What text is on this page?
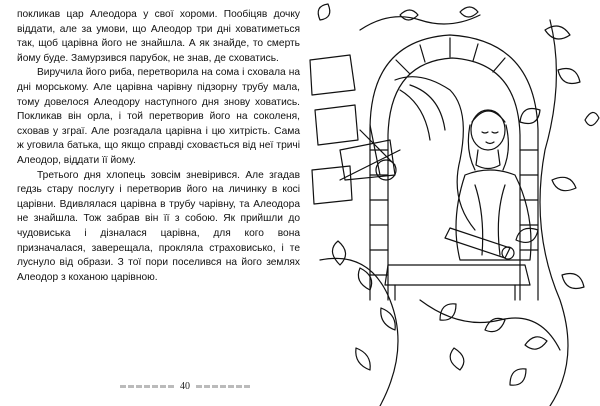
поклика​в цар Алеодора у свої хороми. Пообіцяв дочку віддати, але за умови, що Алеодор три дні ховатиметься так, щоб царівна його не знайшла. А як знайде, то смерть йому буде. Замурзився парубок, не знав, де сховатись.

Виручила його риба, перетворила на сома і сховала на дні морському. Але царівна чарівну підзорну трубу мала, тому довелося Алеодору наступного дня знову ховатись. Покликав він орла, і той перетворив його на соколеня, сховав у зграї. Але розгадала царівна і цю хитрість. Сама ж уговила батька, що якщо справді сховається від неї тричі Алеодор, віддати її йому.

Третього дня хлопець зовсім зневірився. Але згадав гедзь стару послугу і перетворив його на личинку в косі царівни. Вдивлялася царівна в трубу чарівну, та Алеодора не знайшла. Тож забрав він її з собою. Як прийшли до чудовиська і дізналася царівна, для кого вона призначалася, заверещала, прокляла страховисько, і те луснуло від образи. З тої пори поселився на його землях Алеодор з коханою царівною.

40
